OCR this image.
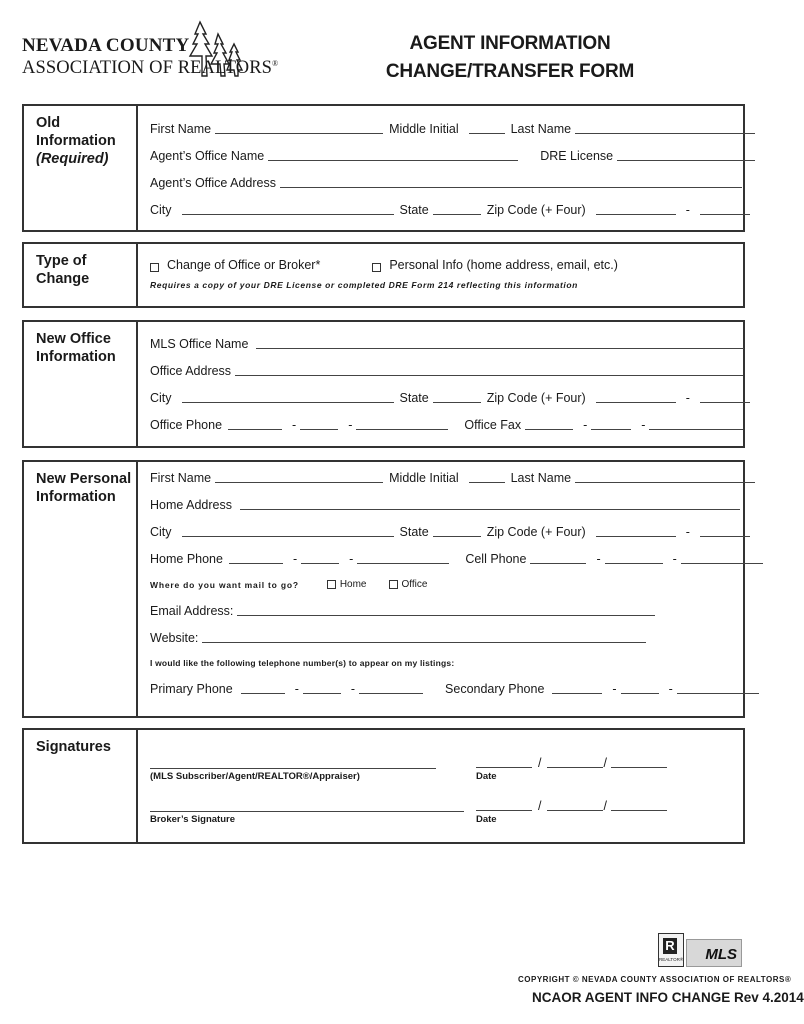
NEVADA COUNTY
ASSOCIATION OF REALTORS®
AGENT INFORMATION
CHANGE/TRANSFER FORM
Old
Information
(Required)
First Name	Middle Initial	Last Name
Agent’s Office Name	DRE License
Agent’s Office Address
City	State	Zip Code (+ Four)	-
Type of
Change
Change of Office or Broker*	Personal Info (home address, email, etc.)
Requires a copy of your DRE License or completed DRE Form 214 reflecting this information
New Office
Information
MLS Office Name
Office Address
City	State	Zip Code (+ Four)	-
Office Phone	-	-	Office Fax	-	-
New Personal
Information
First Name	Middle Initial	Last Name
Home Address
City	State	Zip Code (+ Four)	-
Home Phone	-	-	Cell Phone	-	-
Where do you want mail to go?	Home	Office
Email Address:
Website:
I would like the following telephone number(s) to appear on my listings:
Primary Phone	-	-	Secondary Phone	-	-
Signatures
(MLS Subscriber/Agent/REALTOR®/Appraiser)
/	/
Date
Broker’s Signature
/	/
Date
R
REALTOR® MLS
COPYRIGHT © NEVADA COUNTY ASSOCIATION OF REALTORS®
NCAOR AGENT INFO CHANGE Rev 4.2014
